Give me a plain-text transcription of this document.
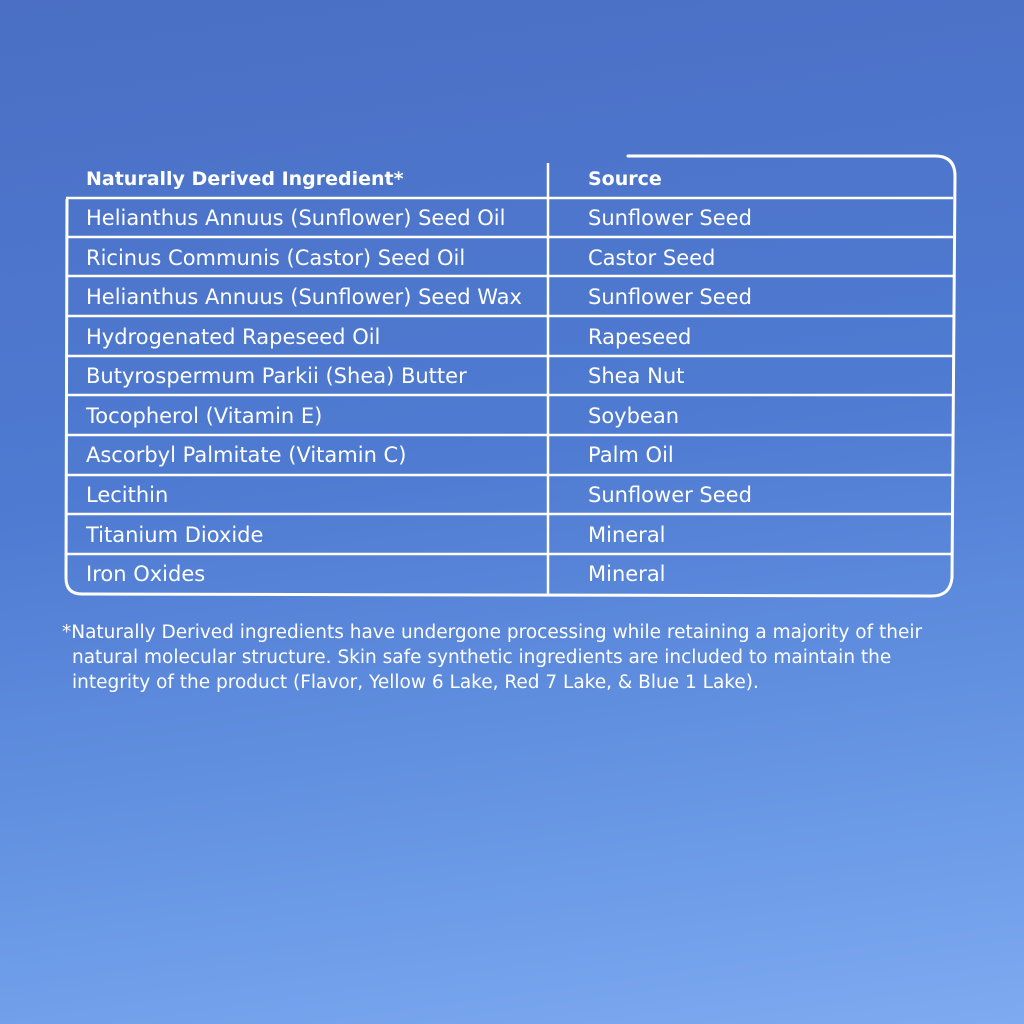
Naturally Derived Ingredient*	Source
Helianthus Annuus (Sunflower) Seed Oil	Sunflower Seed
Ricinus Communis (Castor) Seed Oil	Castor Seed
Helianthus Annuus (Sunflower) Seed Wax	Sunflower Seed
Hydrogenated Rapeseed Oil	Rapeseed
Butyrospermum Parkii (Shea) Butter	Shea Nut
Tocopherol (Vitamin E)	Soybean
Ascorbyl Palmitate (Vitamin C)	Palm Oil
Lecithin	Sunflower Seed
Titanium Dioxide	Mineral
Iron Oxides	Mineral
*Naturally Derived ingredients have undergone processing while retaining a majority of their
natural molecular structure. Skin safe synthetic ingredients are included to maintain the
integrity of the product (Flavor, Yellow 6 Lake, Red 7 Lake, & Blue 1 Lake).
